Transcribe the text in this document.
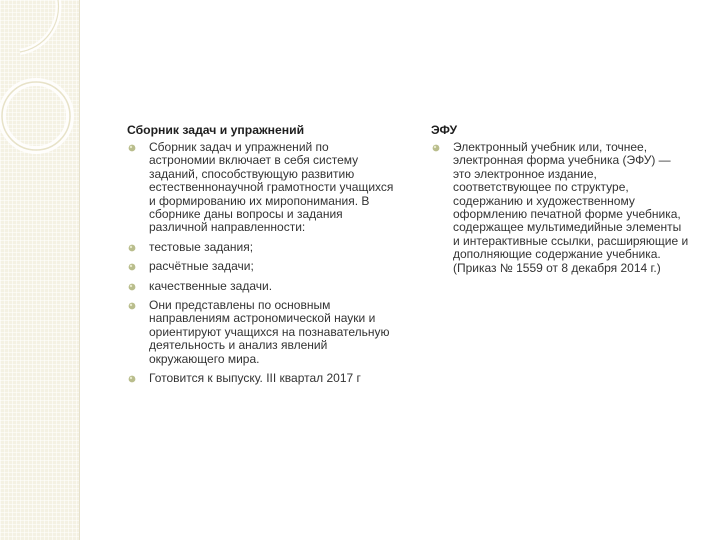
Сборник задач и упражнений
Сборник задач и упражнений по астрономии включает в себя систему заданий, способствующую развитию естественнонаучной грамотности учащихся и формированию их миропонимания. В сборнике даны вопросы и задания различной направленности:
тестовые задания;
расчётные задачи;
качественные задачи.
Они представлены по основным направлениям астрономической науки и ориентируют учащихся на познавательную деятельность и анализ явлений окружающего мира.
Готовится к выпуску. III квартал 2017 г
ЭФУ
Электронный учебник или, точнее, электронная форма учебника (ЭФУ) — это электронное издание, соответствующее по структуре, содержанию и художественному оформлению печатной форме учебника, содержащее мультимедийные элементы и интерактивные ссылки, расширяющие и дополняющие содержание учебника. (Приказ № 1559 от 8 декабря 2014 г.)
